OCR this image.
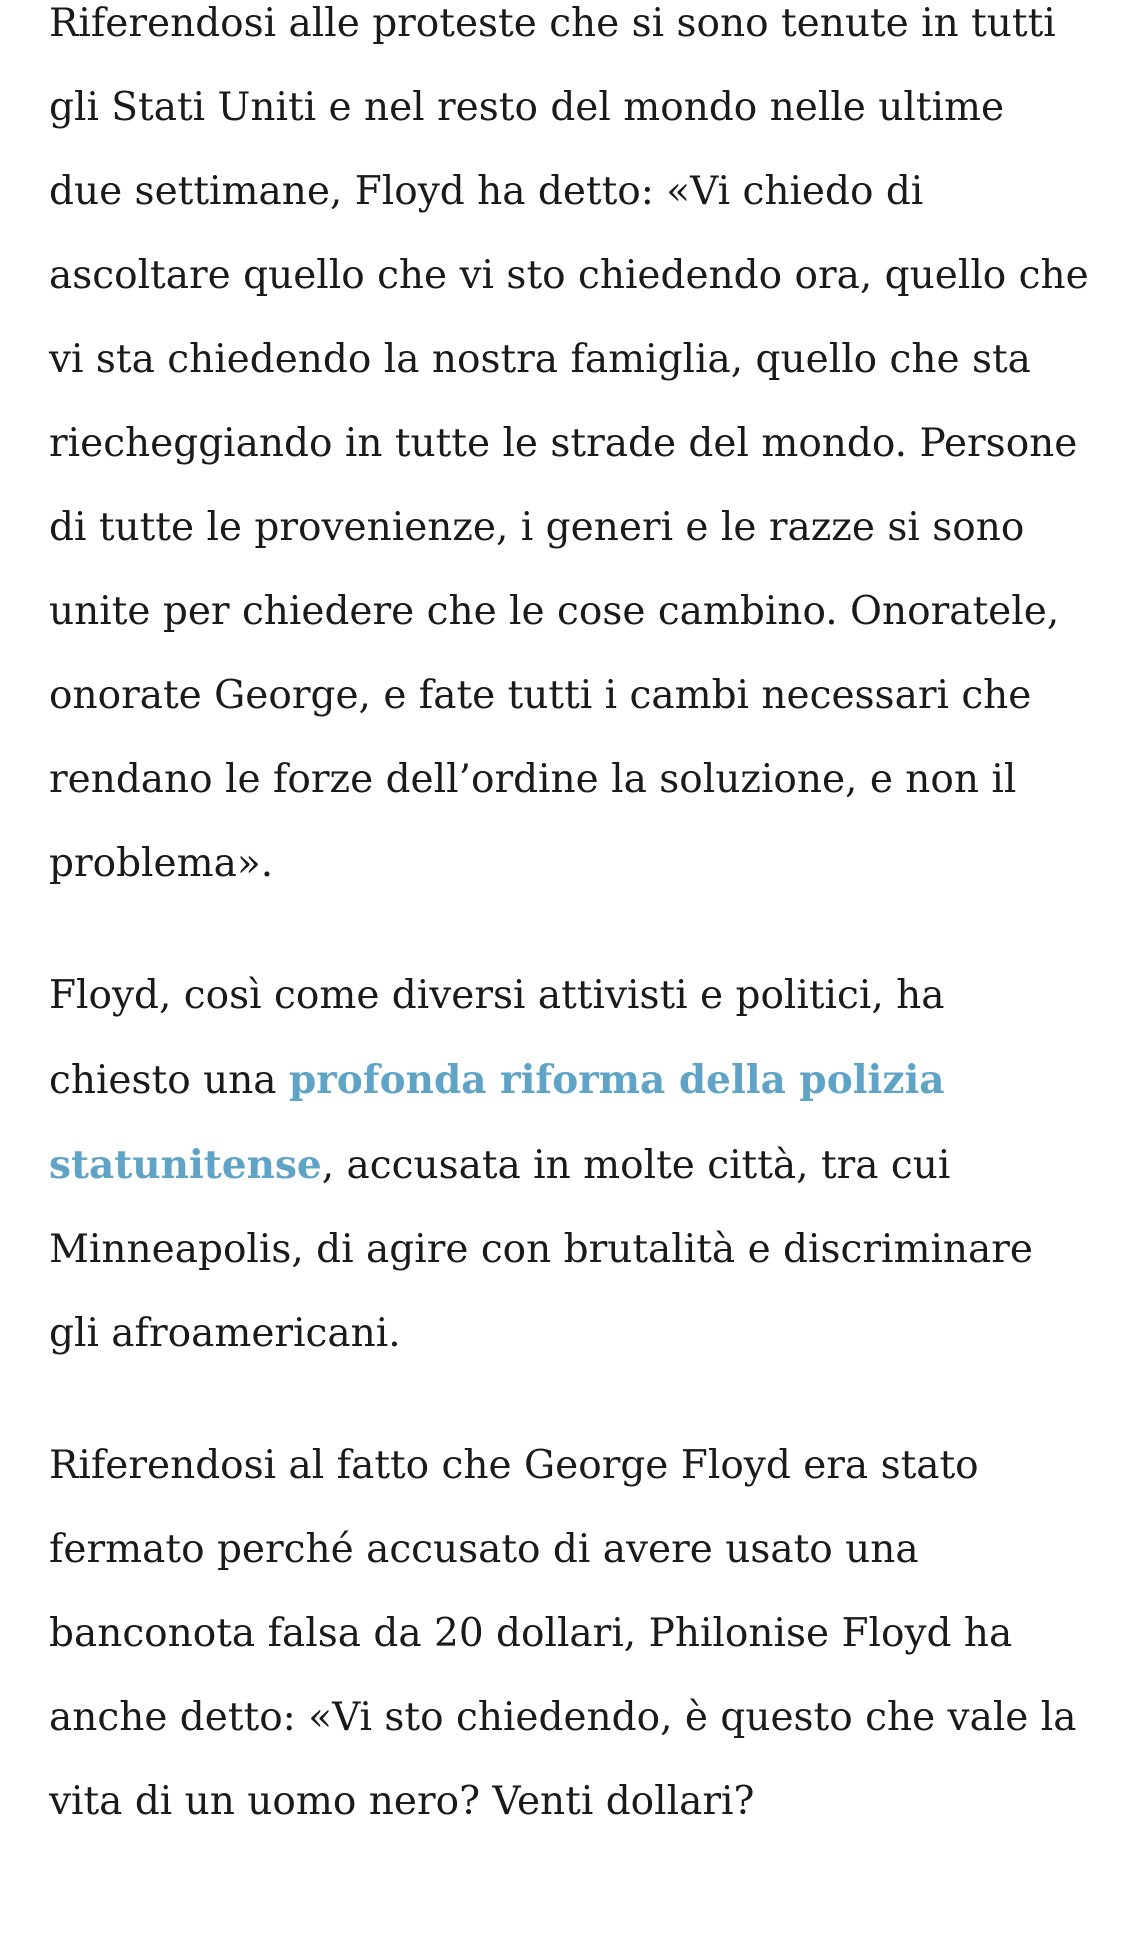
Riferendosi alle proteste che si sono tenute in tutti gli Stati Uniti e nel resto del mondo nelle ultime due settimane, Floyd ha detto: «Vi chiedo di ascoltare quello che vi sto chiedendo ora, quello che vi sta chiedendo la nostra famiglia, quello che sta riecheggiando in tutte le strade del mondo. Persone di tutte le provenienze, i generi e le razze si sono unite per chiedere che le cose cambino. Onoratele, onorate George, e fate tutti i cambi necessari che rendano le forze dell’ordine la soluzione, e non il problema».

Floyd, così come diversi attivisti e politici, ha chiesto una profonda riforma della polizia statunitense, accusata in molte città, tra cui Minneapolis, di agire con brutalità e discriminare gli afroamericani.

Riferendosi al fatto che George Floyd era stato fermato perché accusato di avere usato una banconota falsa da 20 dollari, Philonise Floyd ha anche detto: «Vi sto chiedendo, è questo che vale la vita di un uomo nero? Venti dollari?
